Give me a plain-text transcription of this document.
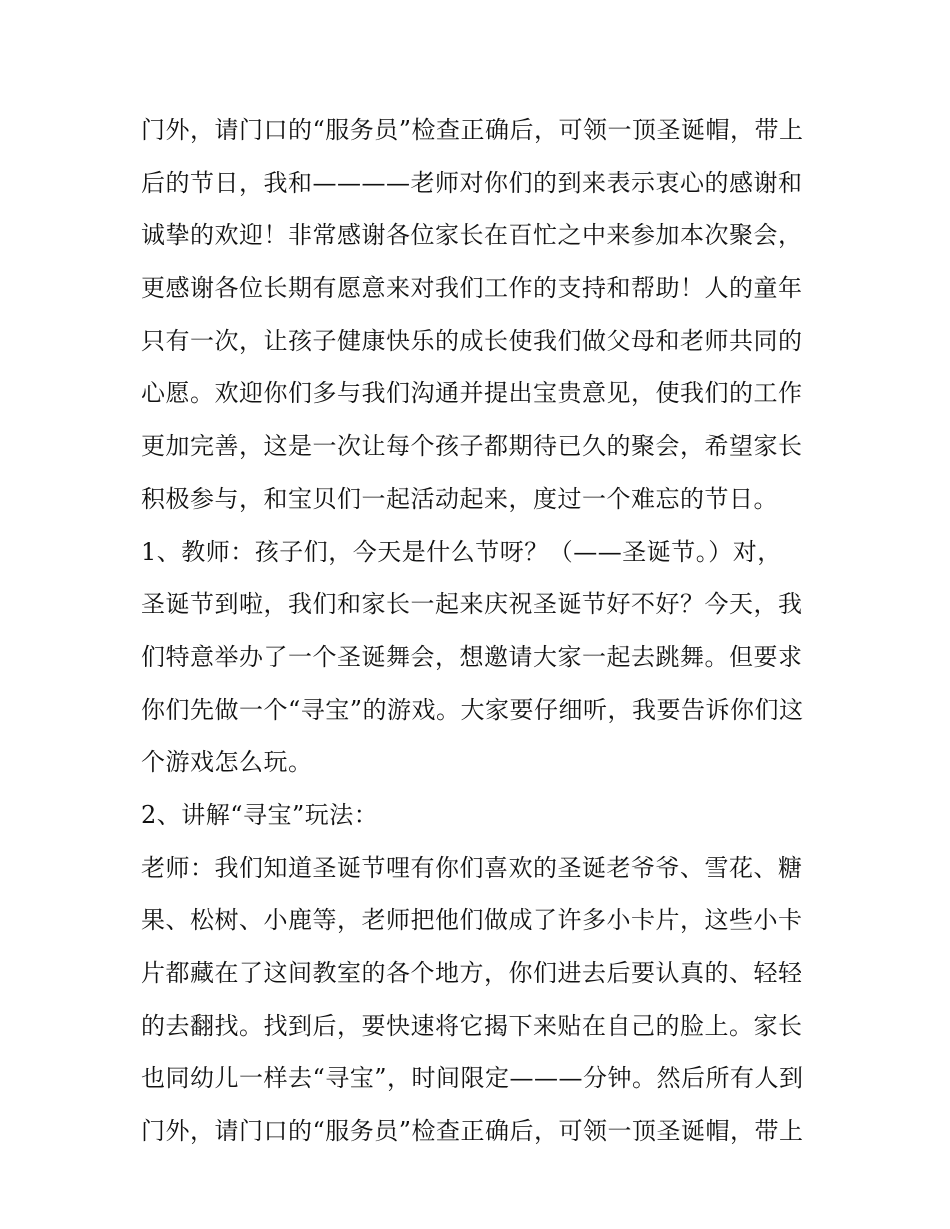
门外，请门口的“服务员”检查正确后，可领一顶圣诞帽，带上
后的节日，我和————老师对你们的到来表示衷心的感谢和
诚挚的欢迎！非常感谢各位家长在百忙之中来参加本次聚会，
更感谢各位长期有愿意来对我们工作的支持和帮助！人的童年
只有一次，让孩子健康快乐的成长使我们做父母和老师共同的
心愿。欢迎你们多与我们沟通并提出宝贵意见，使我们的工作
更加完善，这是一次让每个孩子都期待已久的聚会，希望家长
积极参与，和宝贝们一起活动起来，度过一个难忘的节日。
1、教师：孩子们，今天是什么节呀？（——圣诞节。）对，
圣诞节到啦，我们和家长一起来庆祝圣诞节好不好？今天，我
们特意举办了一个圣诞舞会，想邀请大家一起去跳舞。但要求
你们先做一个“寻宝”的游戏。大家要仔细听，我要告诉你们这
个游戏怎么玩。
2、讲解“寻宝”玩法：
老师：我们知道圣诞节哩有你们喜欢的圣诞老爷爷、雪花、糖
果、松树、小鹿等，老师把他们做成了许多小卡片，这些小卡
片都藏在了这间教室的各个地方，你们进去后要认真的、轻轻
的去翻找。找到后，要快速将它揭下来贴在自己的脸上。家长
也同幼儿一样去“寻宝”，时间限定———分钟。然后所有人到
门外，请门口的“服务员”检查正确后，可领一顶圣诞帽，带上
